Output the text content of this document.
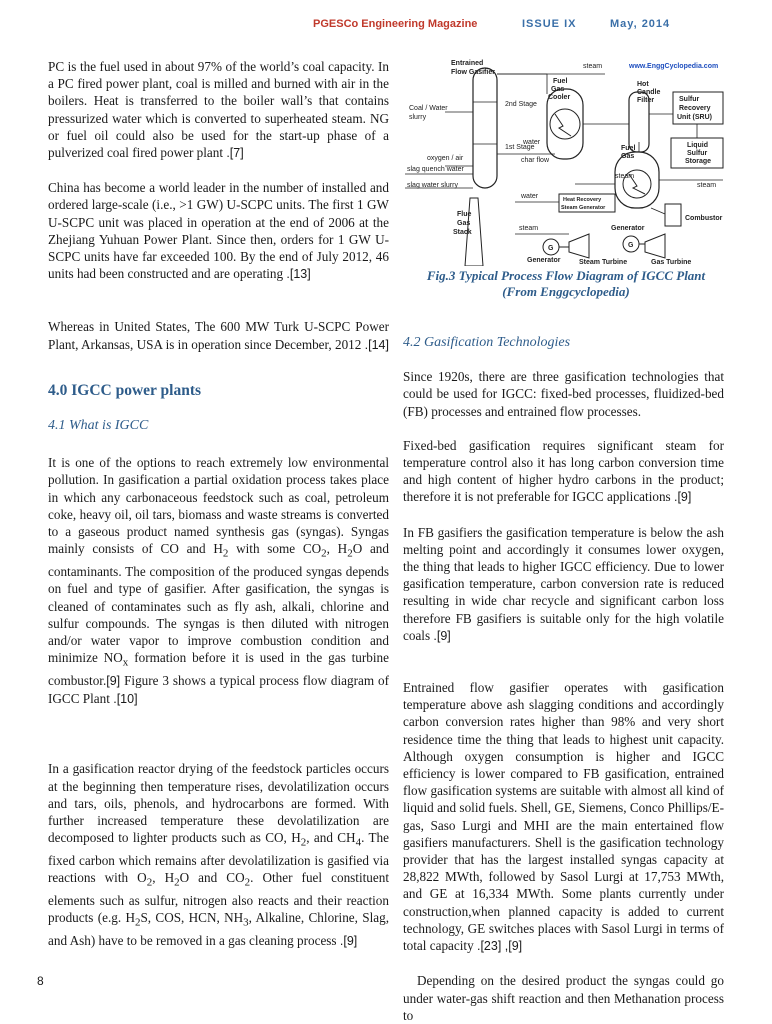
PGESCo Engineering Magazine	ISSUE IX	May, 2014

PC is the fuel used in about 97% of the world’s coal capacity. In a PC fired power plant, coal is milled and burned with air in the boilers. Heat is transferred to the boiler wall’s that contains pressurized water which is converted to superheated steam. NG or fuel oil could also be used for the start-up phase of a pulverized coal fired power plant .[7]

China has become a world leader in the number of installed and ordered large-scale (i.e., >1 GW) U-SCPC units. The first 1 GW U-SCPC unit was placed in operation at the end of 2006 at the Zhejiang Yuhuan Power Plant. Since then, orders for 1 GW U-SCPC units have far exceeded 100. By the end of July 2012, 46 units had been constructed and are operating .[13]

Whereas in United States, The 600 MW Turk U-SCPC Power Plant, Arkansas, USA is in operation since December, 2012 .[14]

4.0 IGCC power plants

4.1 What is IGCC

It is one of the options to reach extremely low environmental pollution. In gasification a partial oxidation process takes place in which any carbonaceous feedstock such as coal, petroleum coke, heavy oil, oil tars, biomass and waste streams is converted to a gaseous product named synthesis gas (syngas). Syngas mainly consists of CO and $H_2$ with some $CO_2$, $H_2O$ and contaminants. The composition of the produced syngas depends on fuel and type of gasifier. After gasification, the syngas is cleaned of contaminates such as fly ash, alkali, chlorine and sulfur compounds. The syngas is then diluted with nitrogen and/or water vapor to improve combustion condition and minimize $NO_x$ formation before it is used in the gas turbine combustor.[9] Figure 3 shows a typical process flow diagram of IGCC Plant .[10]

In a gasification reactor drying of the feedstock particles occurs at the beginning then temperature rises, devolatilization occurs and tars, oils, phenols, and hydrocarbons are formed. With further increased temperature these devolatilization are decomposed to lighter products such as CO, $H_2$, and $CH_4$. The fixed carbon which remains after devolatilization is gasified via reactions with $O_2$, $H_2O$ and $CO_2$. Other fuel constituent elements such as sulfur, nitrogen also reacts and their reaction products (e.g. $H_2S$, COS, HCN, $NH_3$, Alkaline, Chlorine, Slag, and Ash) have to be removed in a gas cleaning process .[9]

Entrained
Flow Gasifier
steam	www.EnggCyclopedia.com
Fuel
Gas
Cooler
Hot
Candle
Filter	Sulfur
Recovery
Unit (SRU)
Coal / Water
slurry
2nd Stage
1st Stage
water
Fuel
Gas
Liquid
Sulfur
Storage
oxygen / air	char flow
slag quench water
steam
steam
slag water slurry
water	Heat Recovery
Steam Generator
Flue
Gas
Stack
Combustor
steam	Generator
Generator
G	G
Steam Turbine	Gas Turbine
Fig.3 Typical Process Flow Diagram of IGCC Plant
(From Enggcyclopedia)

4.2 Gasification Technologies

Since 1920s, there are three gasification technologies that could be used for IGCC: fixed-bed processes, fluidized-bed (FB) processes and entrained flow processes.

Fixed-bed gasification requires significant steam for temperature control also it has long carbon conversion time and high content of higher hydro carbons in the product; therefore it is not preferable for IGCC applications .[9]

In FB gasifiers the gasification temperature is below the ash melting point and accordingly it consumes lower oxygen, the thing that leads to higher IGCC efficiency. Due to lower gasification temperature, carbon conversion rate is reduced resulting in wide char recycle and significant carbon loss therefore FB gasifiers is suitable only for the high volatile coals .[9]

Entrained flow gasifier operates with gasification temperature above ash slagging conditions and accordingly carbon conversion rates higher than 98% and very short residence time the thing that leads to highest unit capacity. Although oxygen consumption is higher and IGCC efficiency is lower compared to FB gasification, entrained flow gasification systems are suitable with almost all kind of liquid and solid fuels. Shell, GE, Siemens, Conco Phillips/E-gas, Saso Lurgi and MHI are the main entertained flow gasifiers manufacturers. Shell is the gasification technology provider that has the largest installed syngas capacity at 28,822 MWth, followed by Sasol Lurgi at 17,753 MWth, and GE at 16,334 MWth. Some plants currently under construction,when planned capacity is added to current technology, GE switches places with Sasol Lurgi in terms of total capacity .[23] ,[9]

Depending on the desired product the syngas could go under water-gas shift reaction and then Methanation process to

8
